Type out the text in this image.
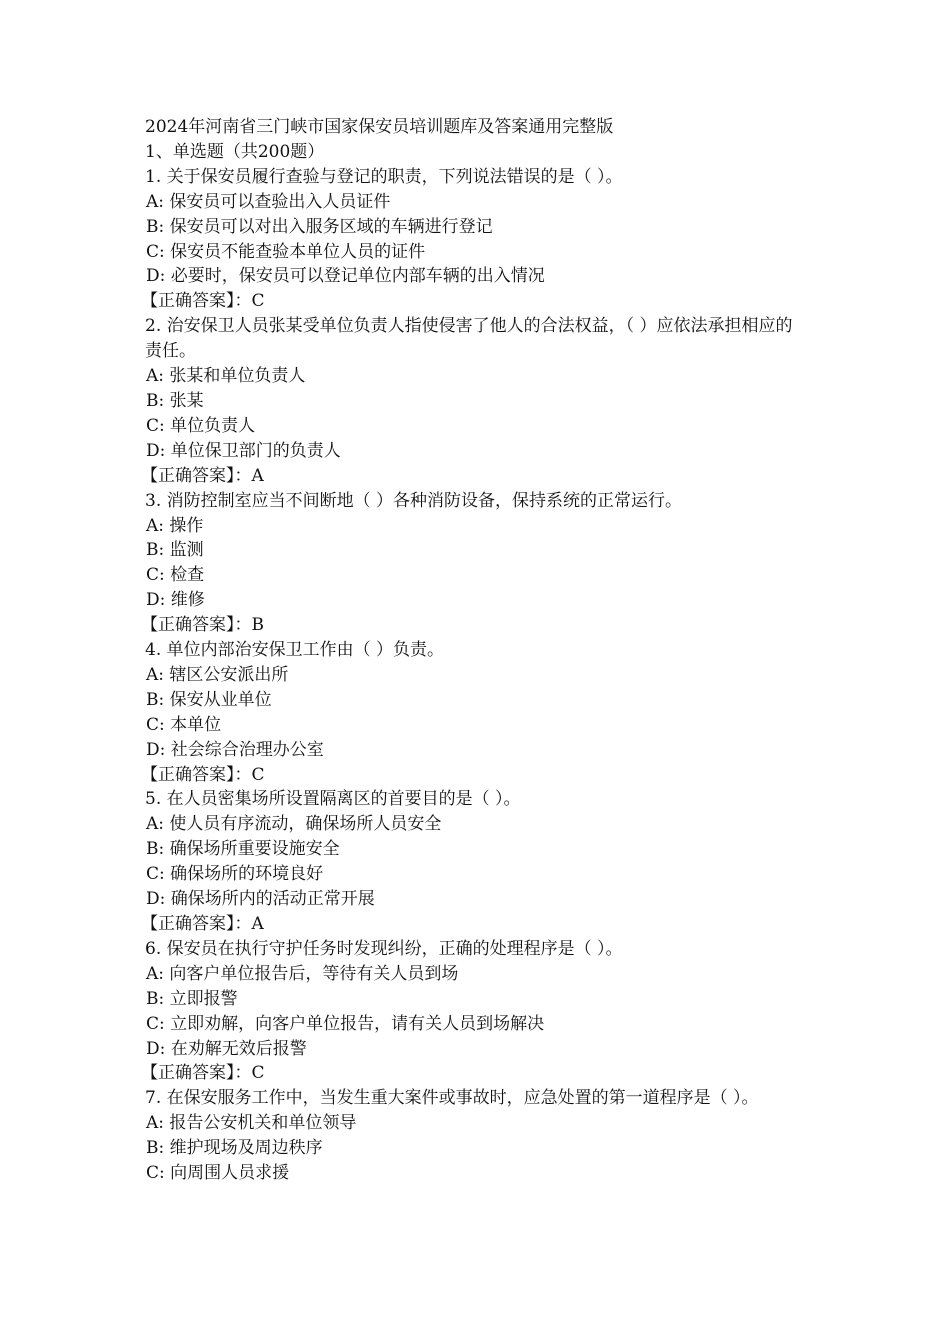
2024年河南省三门峡市国家保安员培训题库及答案通用完整版
1、单选题（共200题）
1. 关于保安员履行查验与登记的职责，下列说法错误的是（ ）。
A: 保安员可以查验出入人员证件
B: 保安员可以对出入服务区域的车辆进行登记
C: 保安员不能查验本单位人员的证件
D: 必要时，保安员可以登记单位内部车辆的出入情况
【正确答案】：C
2. 治安保卫人员张某受单位负责人指使侵害了他人的合法权益，（ ）应依法承担相应的责任。
A: 张某和单位负责人
B: 张某
C: 单位负责人
D: 单位保卫部门的负责人
【正确答案】：A
3. 消防控制室应当不间断地（ ）各种消防设备，保持系统的正常运行。
A: 操作
B: 监测
C: 检查
D: 维修
【正确答案】：B
4. 单位内部治安保卫工作由（ ）负责。
A: 辖区公安派出所
B: 保安从业单位
C: 本单位
D: 社会综合治理办公室
【正确答案】：C
5. 在人员密集场所设置隔离区的首要目的是（ ）。
A: 使人员有序流动，确保场所人员安全
B: 确保场所重要设施安全
C: 确保场所的环境良好
D: 确保场所内的活动正常开展
【正确答案】：A
6. 保安员在执行守护任务时发现纠纷，正确的处理程序是（ ）。
A: 向客户单位报告后，等待有关人员到场
B: 立即报警
C: 立即劝解，向客户单位报告，请有关人员到场解决
D: 在劝解无效后报警
【正确答案】：C
7. 在保安服务工作中，当发生重大案件或事故时，应急处置的第一道程序是（ ）。
A: 报告公安机关和单位领导
B: 维护现场及周边秩序
C: 向周围人员求援
